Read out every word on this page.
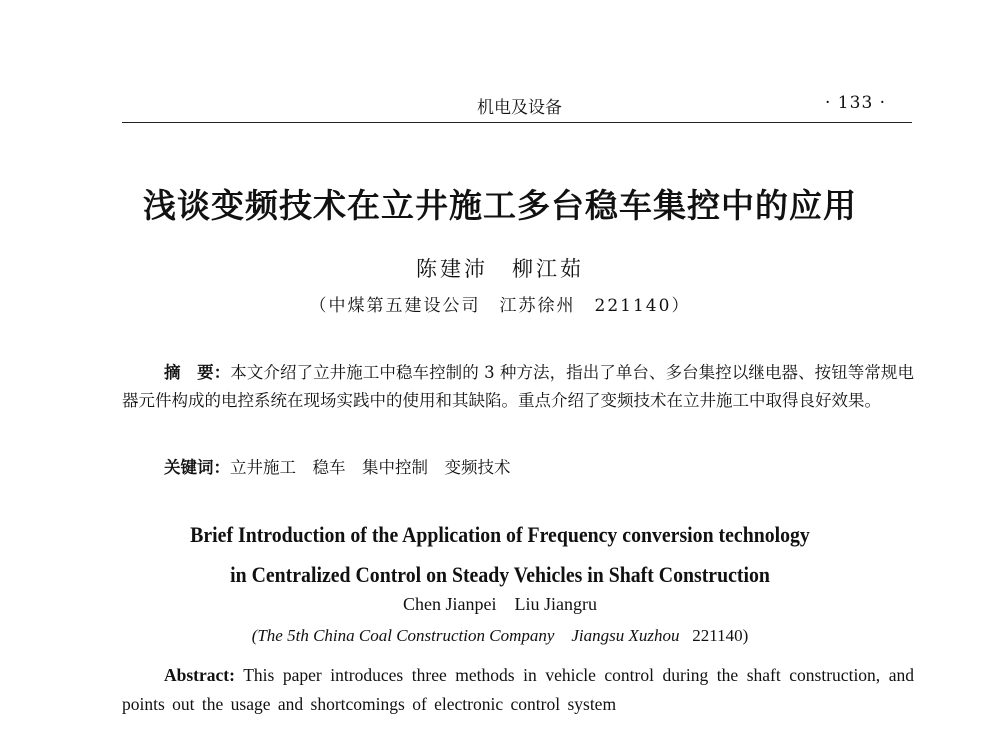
机电及设备	· 133 ·
浅谈变频技术在立井施工多台稳车集控中的应用
陈建沛　柳江茹
（中煤第五建设公司　江苏徐州　221140）
摘　要：本文介绍了立井施工中稳车控制的 3 种方法，指出了单台、多台集控以继电器、按钮等常规电器元件构成的电控系统在现场实践中的使用和其缺陷。重点介绍了变频技术在立井施工中取得良好效果。
关键词：立井施工　稳车　集中控制　变频技术
Brief Introduction of the Application of Frequency conversion technology
in Centralized Control on Steady Vehicles in Shaft Construction
Chen Jianpei　Liu Jiangru
(The 5th China Coal Construction Company　Jiangsu Xuzhou 221140)
Abstract: This paper introduces three methods in vehicle control during the shaft construction, and points out the usage and shortcomings of electronic control system
